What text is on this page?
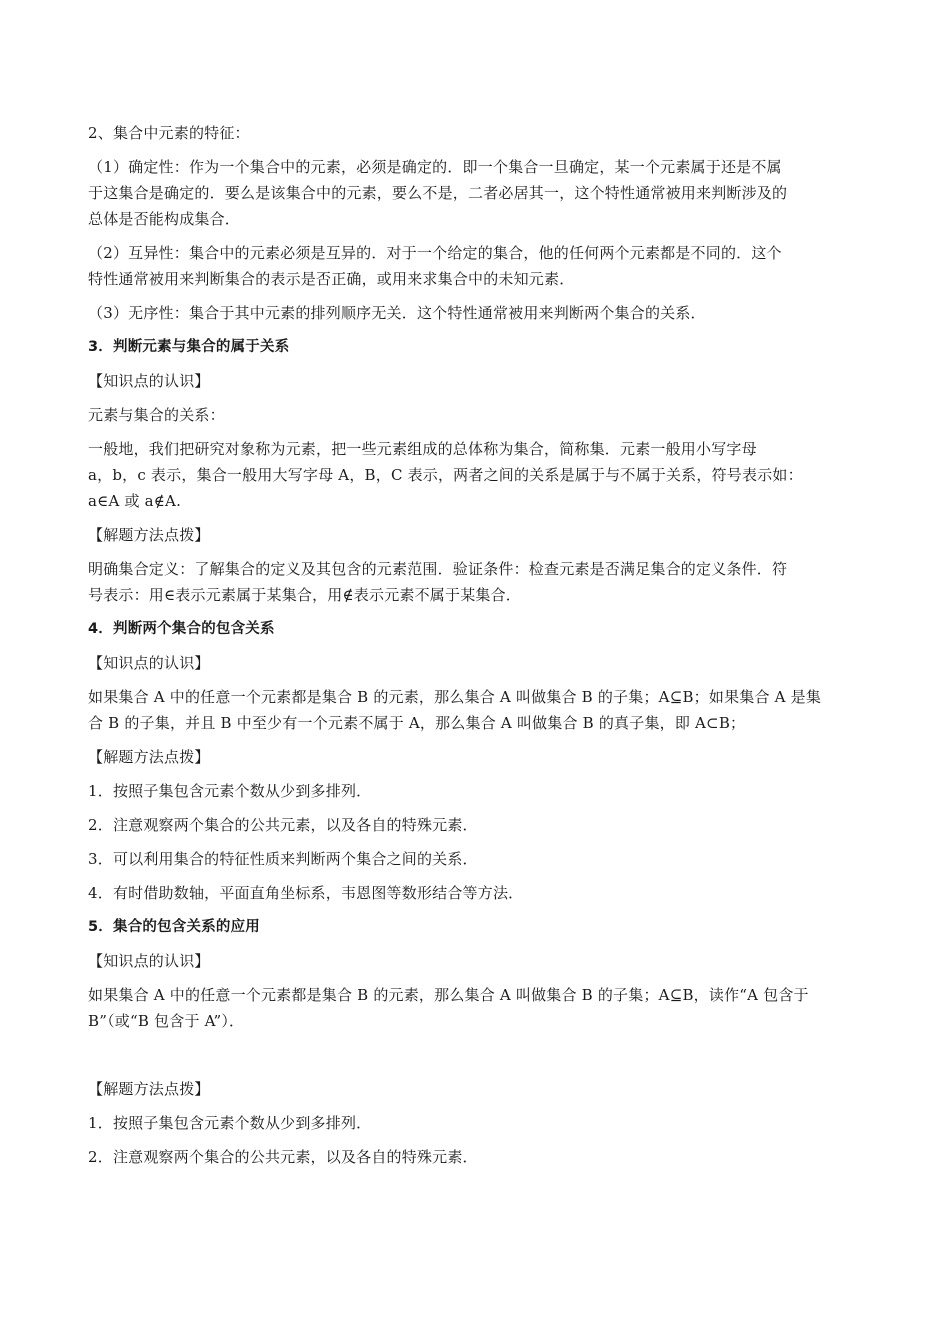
2、集合中元素的特征：
（1）确定性：作为一个集合中的元素，必须是确定的．即一个集合一旦确定，某一个元素属于还是不属
于这集合是确定的．要么是该集合中的元素，要么不是，二者必居其一，这个特性通常被用来判断涉及的
总体是否能构成集合．
（2）互异性：集合中的元素必须是互异的．对于一个给定的集合，他的任何两个元素都是不同的．这个
特性通常被用来判断集合的表示是否正确，或用来求集合中的未知元素．
（3）无序性：集合于其中元素的排列顺序无关．这个特性通常被用来判断两个集合的关系．
3．判断元素与集合的属于关系
【知识点的认识】
元素与集合的关系：
一般地，我们把研究对象称为元素，把一些元素组成的总体称为集合，简称集．元素一般用小写字母
a，b，c 表示，集合一般用大写字母 A，B，C 表示，两者之间的关系是属于与不属于关系，符号表示如：
a∈A 或 a∉A.
【解题方法点拨】
明确集合定义：了解集合的定义及其包含的元素范围．验证条件：检查元素是否满足集合的定义条件．符
号表示：用∈表示元素属于某集合，用∉表示元素不属于某集合．
4．判断两个集合的包含关系
【知识点的认识】
如果集合 A 中的任意一个元素都是集合 B 的元素，那么集合 A 叫做集合 B 的子集；A⊆B；如果集合 A 是集
合 B 的子集，并且 B 中至少有一个元素不属于 A，那么集合 A 叫做集合 B 的真子集，即 A⊂B；
【解题方法点拨】
1．按照子集包含元素个数从少到多排列．
2．注意观察两个集合的公共元素，以及各自的特殊元素．
3．可以利用集合的特征性质来判断两个集合之间的关系．
4．有时借助数轴，平面直角坐标系，韦恩图等数形结合等方法．
5．集合的包含关系的应用
【知识点的认识】
如果集合 A 中的任意一个元素都是集合 B 的元素，那么集合 A 叫做集合 B 的子集；A⊆B，读作“A 包含于
B”（或“B 包含于 A”）．
【解题方法点拨】
1．按照子集包含元素个数从少到多排列．
2．注意观察两个集合的公共元素，以及各自的特殊元素．
